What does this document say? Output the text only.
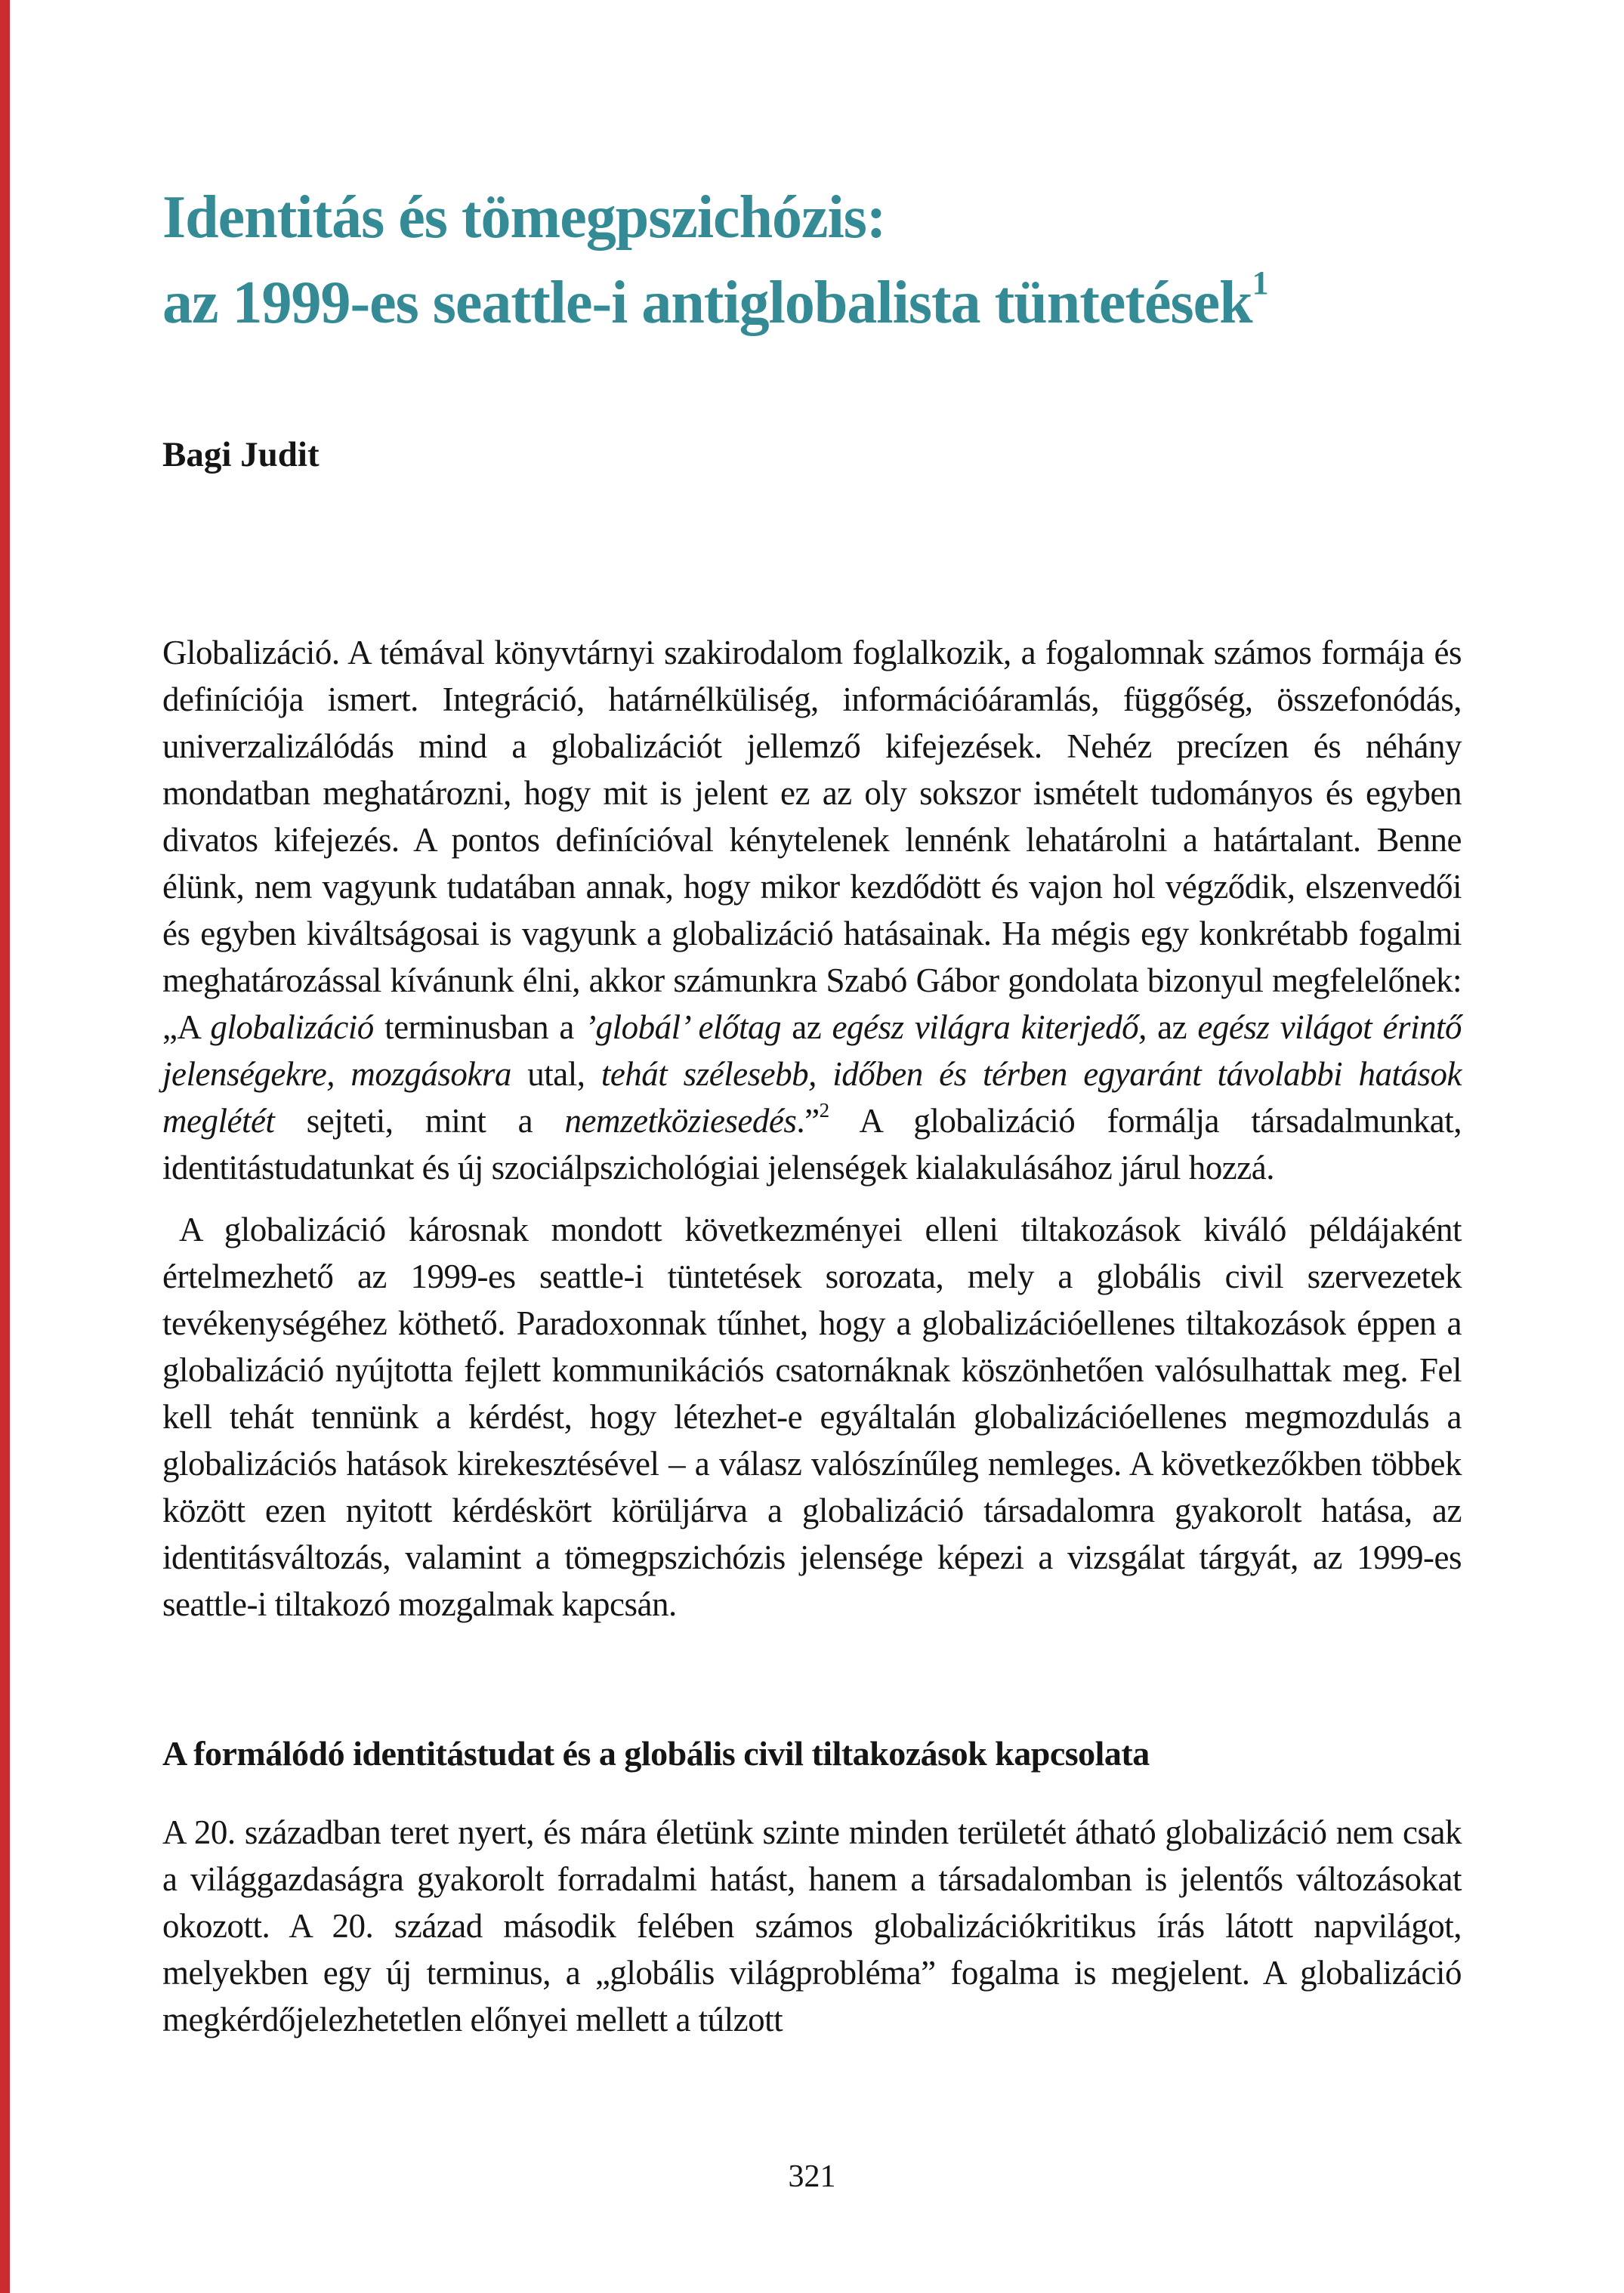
Identitás és tömegpszichózis:
az 1999-es seattle-i antiglobalista tüntetések$^1$
Bagi Judit

Globalizáció. A témával könyvtárnyi szakirodalom foglalkozik, a fogalomnak számos formája és definíciója ismert. Integráció, határnélküliség, információáramlás, függőség, összefonódás, univerzalizálódás mind a globalizációt jellemző kifejezések. Nehéz precízen és néhány mondatban meghatározni, hogy mit is jelent ez az oly sokszor ismételt tudományos és egyben divatos kifejezés. A pontos definícióval kénytelenek lennénk lehatárolni a határtalant. Benne élünk, nem vagyunk tudatában annak, hogy mikor kezdődött és vajon hol végződik, elszenvedői és egyben kiváltságosai is vagyunk a globalizáció hatásainak. Ha mégis egy konkrétabb fogalmi meghatározással kívánunk élni, akkor számunkra Szabó Gábor gondolata bizonyul megfelelőnek: „A globalizáció terminusban a ’globál’ előtag az egész világra kiterjedő, az egész világot érintő jelenségekre, mozgásokra utal, tehát szélesebb, időben és térben egyaránt távolabbi hatások meglétét sejteti, mint a nemzetköziesedés.”$^2$ A globalizáció formálja társadalmunkat, identitástudatunkat és új szociálpszichológiai jelenségek kialakulásához járul hozzá.

A globalizáció károsnak mondott következményei elleni tiltakozások kiváló példájaként értelmezhető az 1999-es seattle-i tüntetések sorozata, mely a globális civil szervezetek tevékenységéhez köthető. Paradoxonnak tűnhet, hogy a globalizációellenes tiltakozások éppen a globalizáció nyújtotta fejlett kommunikációs csatornáknak köszönhetően valósulhattak meg. Fel kell tehát tennünk a kérdést, hogy létezhet-e egyáltalán globalizációellenes megmozdulás a globalizációs hatások kirekesztésével – a válasz valószínűleg nemleges. A következőkben többek között ezen nyitott kérdéskört körüljárva a globalizáció társadalomra gyakorolt hatása, az identitásváltozás, valamint a tömegpszichózis jelensége képezi a vizsgálat tárgyát, az 1999-es seattle-i tiltakozó mozgalmak kapcsán.

A formálódó identitástudat és a globális civil tiltakozások kapcsolata

A 20. században teret nyert, és mára életünk szinte minden területét átható globalizáció nem csak a világgazdaságra gyakorolt forradalmi hatást, hanem a társadalomban is jelentős változásokat okozott. A 20. század második felében számos globalizációkritikus írás látott napvilágot, melyekben egy új terminus, a „globális világprobléma” fogalma is megjelent. A globalizáció megkérdőjelezhetetlen előnyei mellett a túlzott

321
